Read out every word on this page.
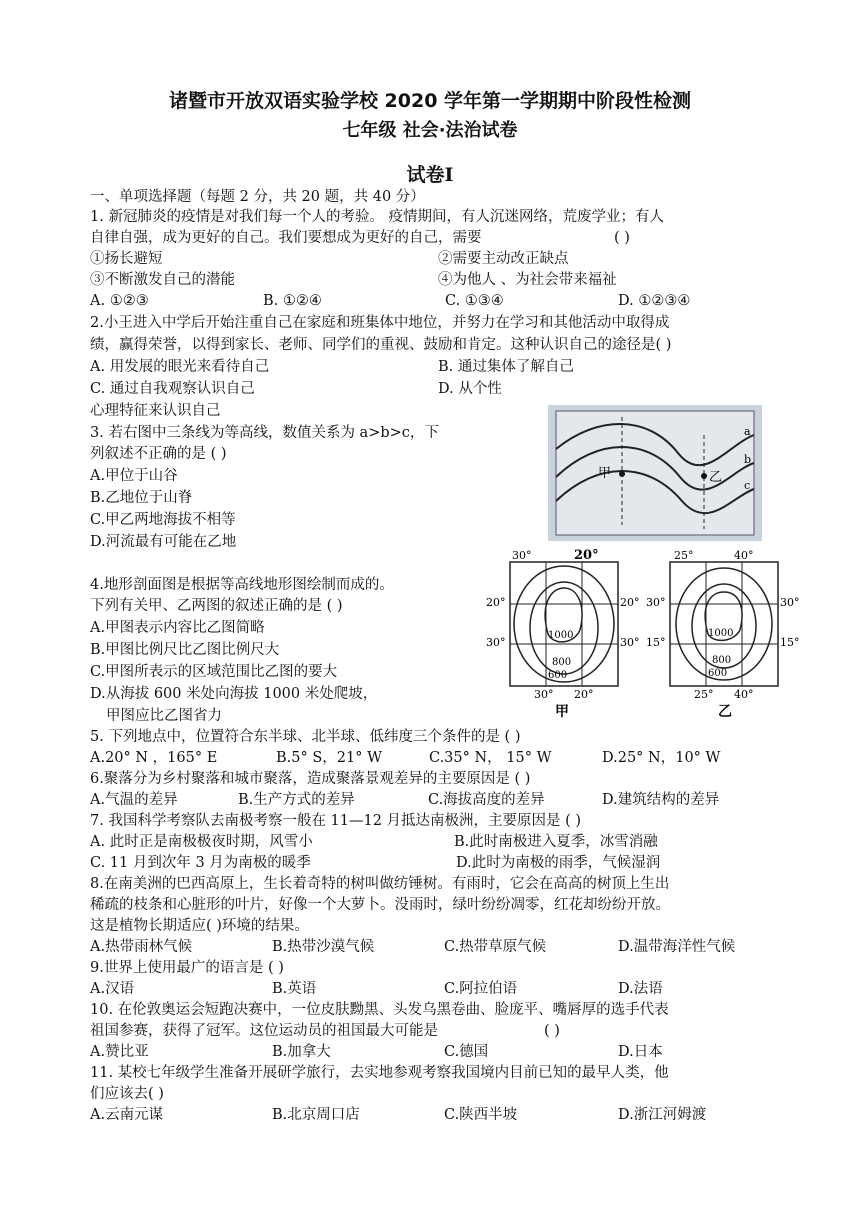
诸暨市开放双语实验学校 2020 学年第一学期期中阶段性检测
七年级 社会·法治试卷
试卷I
一、单项选择题（每题 2 分，共 20 题，共 40 分）
1. 新冠肺炎的疫情是对我们每一个人的考验。 疫情期间，有人沉迷网络，荒废学业；有人
自律自强，成为更好的自己。我们要想成为更好的自己，需要	( )
①扬长避短	②需要主动改正缺点
③不断激发自己的潜能	④为他人 、为社会带来福祉
A. ①②③	B. ①②④	C. ①③④	D. ①②③④
2.小王进入中学后开始注重自己在家庭和班集体中地位，并努力在学习和其他活动中取得成
绩，赢得荣誉，以得到家长、老师、同学们的重视、鼓励和肯定。这种认识自己的途径是( )
A. 用发展的眼光来看待自己	B. 通过集体了解自己
C. 通过自我观察认识自己	D. 从个性
心理特征来认识自己
3. 若右图中三条线为等高线，数值关系为 a>b>c，下
列叙述不正确的是 ( )
A.甲位于山谷
B.乙地位于山脊
C.甲乙两地海拔不相等
D.河流最有可能在乙地
a
b
c
甲	乙
4.地形剖面图是根据等高线地形图绘制而成的。
下列有关甲、乙两图的叙述正确的是 ( )
A.甲图表示内容比乙图简略
B.甲图比例尺比乙图比例尺大
C.甲图所表示的区域范围比乙图的要大
D.从海拔 600 米处向海拔 1000 米处爬坡，
甲图应比乙图省力
30°	20°
20°
30°
20°
30°
1000
800
600
30° 20°
甲
25°	40°
30°
15°
30°
15°
1000
800
600
25° 40°
乙
5. 下列地点中，位置符合东半球、北半球、低纬度三个条件的是 ( )
A.20° N ，165° E	B.5° S，21° W	C.35° N， 15° W	D.25° N，10° W
6.聚落分为乡村聚落和城市聚落，造成聚落景观差异的主要原因是 ( )
A.气温的差异	B.生产方式的差异	C.海拔高度的差异	D.建筑结构的差异
7. 我国科学考察队去南极考察一般在 11—12 月抵达南极洲，主要原因是 ( )
A. 此时正是南极极夜时期，风雪小	B.此时南极进入夏季，冰雪消融
C. 11 月到次年 3 月为南极的暖季	D.此时为南极的雨季，气候湿润
8.在南美洲的巴西高原上，生长着奇特的树叫做纺锤树。有雨时，它会在高高的树顶上生出
稀疏的枝条和心脏形的叶片，好像一个大萝卜。没雨时，绿叶纷纷凋零，红花却纷纷开放。
这是植物长期适应( )环境的结果。
A.热带雨林气候	B.热带沙漠气候	C.热带草原气候	D.温带海洋性气候
9.世界上使用最广的语言是 ( )
A.汉语	B.英语	C.阿拉伯语	D.法语
10. 在伦敦奥运会短跑决赛中，一位皮肤黝黑、头发乌黑卷曲、脸庞平、嘴唇厚的选手代表
祖国参赛，获得了冠军。这位运动员的祖国最大可能是	( )
A.赞比亚	B.加拿大	C.德国	D.日本
11. 某校七年级学生准备开展研学旅行，去实地参观考察我国境内目前已知的最早人类，他
们应该去( )
A.云南元谋	B.北京周口店	C.陕西半坡	D.浙江河姆渡
